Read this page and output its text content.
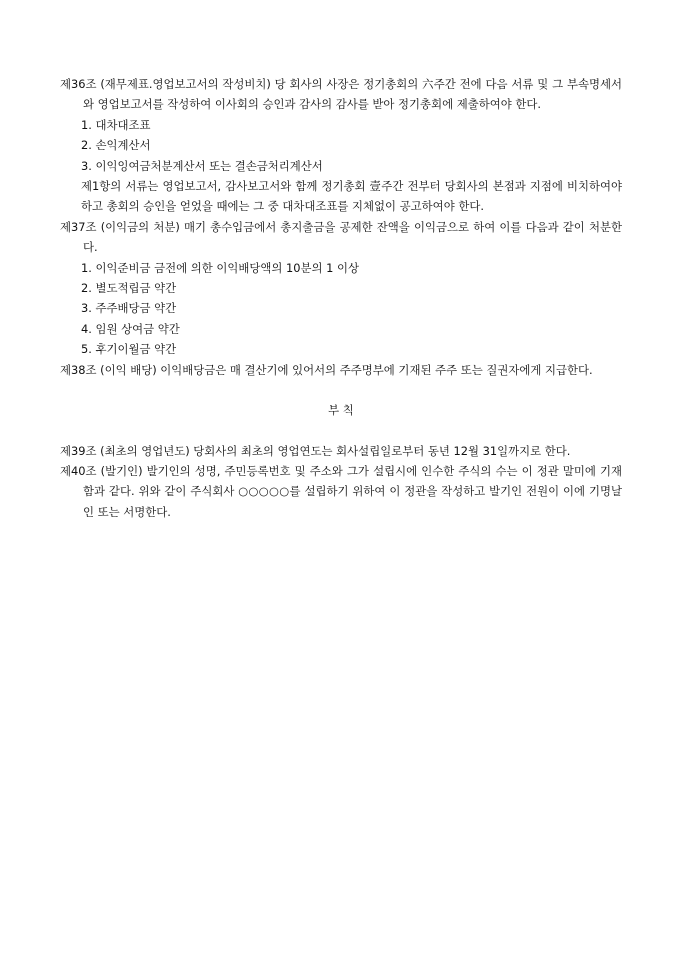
제36조 (재무제표.영업보고서의 작성비치) 당 회사의 사장은 정기총회의 六주간 전에 다음 서류 및 그 부속명세서와 영업보고서를 작성하여 이사회의 승인과 감사의 감사를 받아 정기총회에 제출하여야 한다.

1. 대차대조표

2. 손익계산서

3. 이익잉여금처분계산서 또는 결손금처리계산서

제1항의 서류는 영업보고서, 감사보고서와 함께 정기총회 壹주간 전부터 당회사의 본점과 지점에 비치하여야 하고 총회의 승인을 얻었을 때에는 그 중 대차대조표를 지체없이 공고하여야 한다.

제37조 (이익금의 처분) 매기 총수입금에서 총지출금을 공제한 잔액을 이익금으로 하여 이를 다음과 같이 처분한다.

1. 이익준비금 금전에 의한 이익배당액의 10분의 1 이상

2. 별도적립금 약간

3. 주주배당금 약간

4. 임원 상여금 약간

5. 후기이월금 약간

제38조 (이익 배당) 이익배당금은 매 결산기에 있어서의 주주명부에 기재된 주주 또는 질권자에게 지급한다.

부 칙

제39조 (최초의 영업년도) 당회사의 최초의 영업연도는 회사설립일로부터 동년 12월 31일까지로 한다.

제40조 (발기인) 발기인의 성명, 주민등록번호 및 주소와 그가 설립시에 인수한 주식의 수는 이 정관 말미에 기재함과 같다. 위와 같이 주식회사 ○○○○○를 설립하기 위하여 이 정관을 작성하고 발기인 전원이 이에 기명날인 또는 서명한다.
